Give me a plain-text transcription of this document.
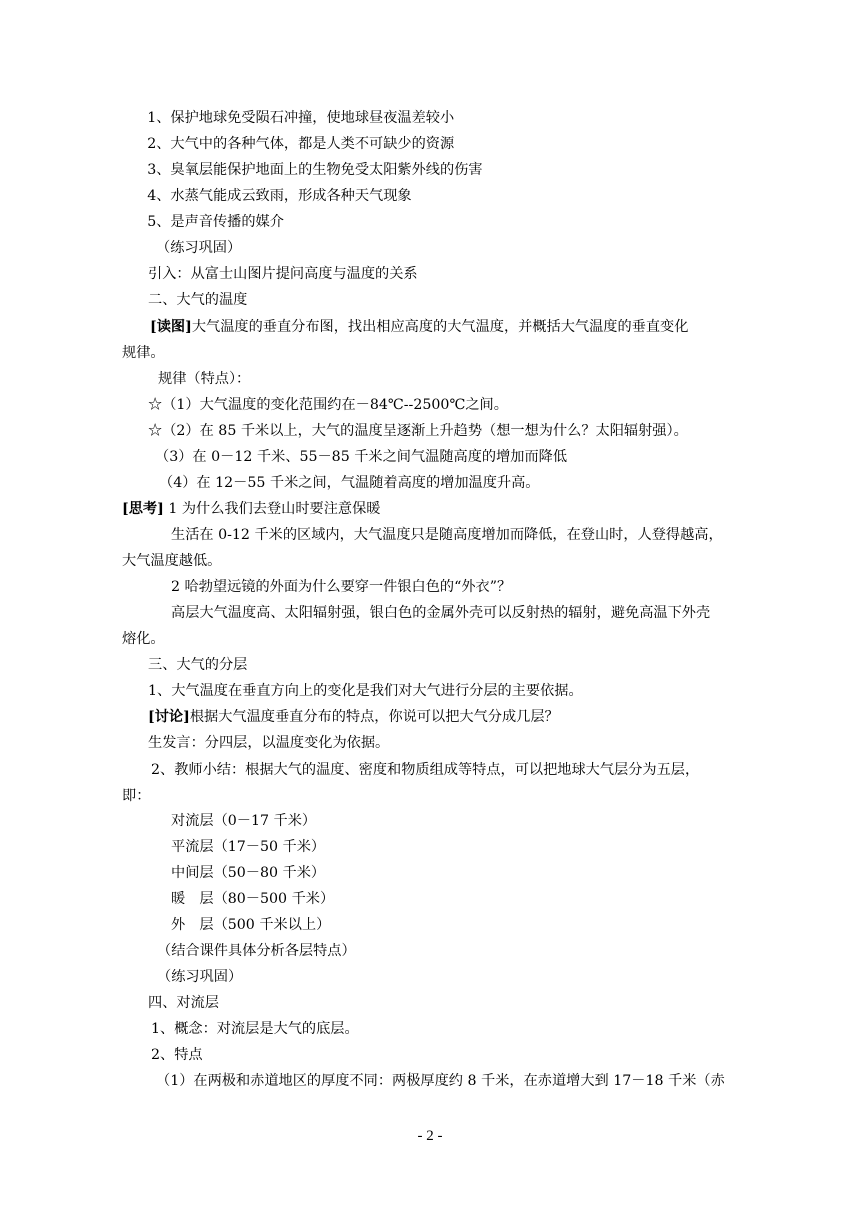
　1、保护地球免受陨石冲撞，使地球昼夜温差较小
　2、大气中的各种气体，都是人类不可缺少的资源
　3、臭氧层能保护地面上的生物免受太阳紫外线的伤害
　4、水蒸气能成云致雨，形成各种天气现象
　5、是声音传播的媒介
（练习巩固）
引入：从富士山图片提问高度与温度的关系
二、大气的温度
[读图]大气温度的垂直分布图，找出相应高度的大气温度，并概括大气温度的垂直变化
规律。
规律（特点）：
☆（1）大气温度的变化范围约在－84℃--2500℃之间。
☆（2）在 85 千米以上，大气的温度呈逐渐上升趋势（想一想为什么？太阳辐射强）。
（3）在 0－12 千米、55－85 千米之间气温随高度的增加而降低
（4）在 12－55 千米之间，气温随着高度的增加温度升高。
[思考] 1 为什么我们去登山时要注意保暖
生活在 0-12 千米的区域内，大气温度只是随高度增加而降低，在登山时，人登得越高，
大气温度越低。
2 哈勃望远镜的外面为什么要穿一件银白色的“外衣”？
高层大气温度高、太阳辐射强，银白色的金属外壳可以反射热的辐射，避免高温下外壳
熔化。
三、大气的分层
1、大气温度在垂直方向上的变化是我们对大气进行分层的主要依据。
[讨论]根据大气温度垂直分布的特点，你说可以把大气分成几层？
生发言：分四层，以温度变化为依据。
2、教师小结：根据大气的温度、密度和物质组成等特点，可以把地球大气层分为五层，
即：
对流层（0－17 千米）
平流层（17－50 千米）
中间层（50－80 千米）
暖　层（80－500 千米）
外　层（500 千米以上）
（结合课件具体分析各层特点）
（练习巩固）
四、对流层
1、概念：对流层是大气的底层。
2、特点
（1）在两极和赤道地区的厚度不同：两极厚度约 8 千米，在赤道增大到 17－18 千米（赤
- 2 -
